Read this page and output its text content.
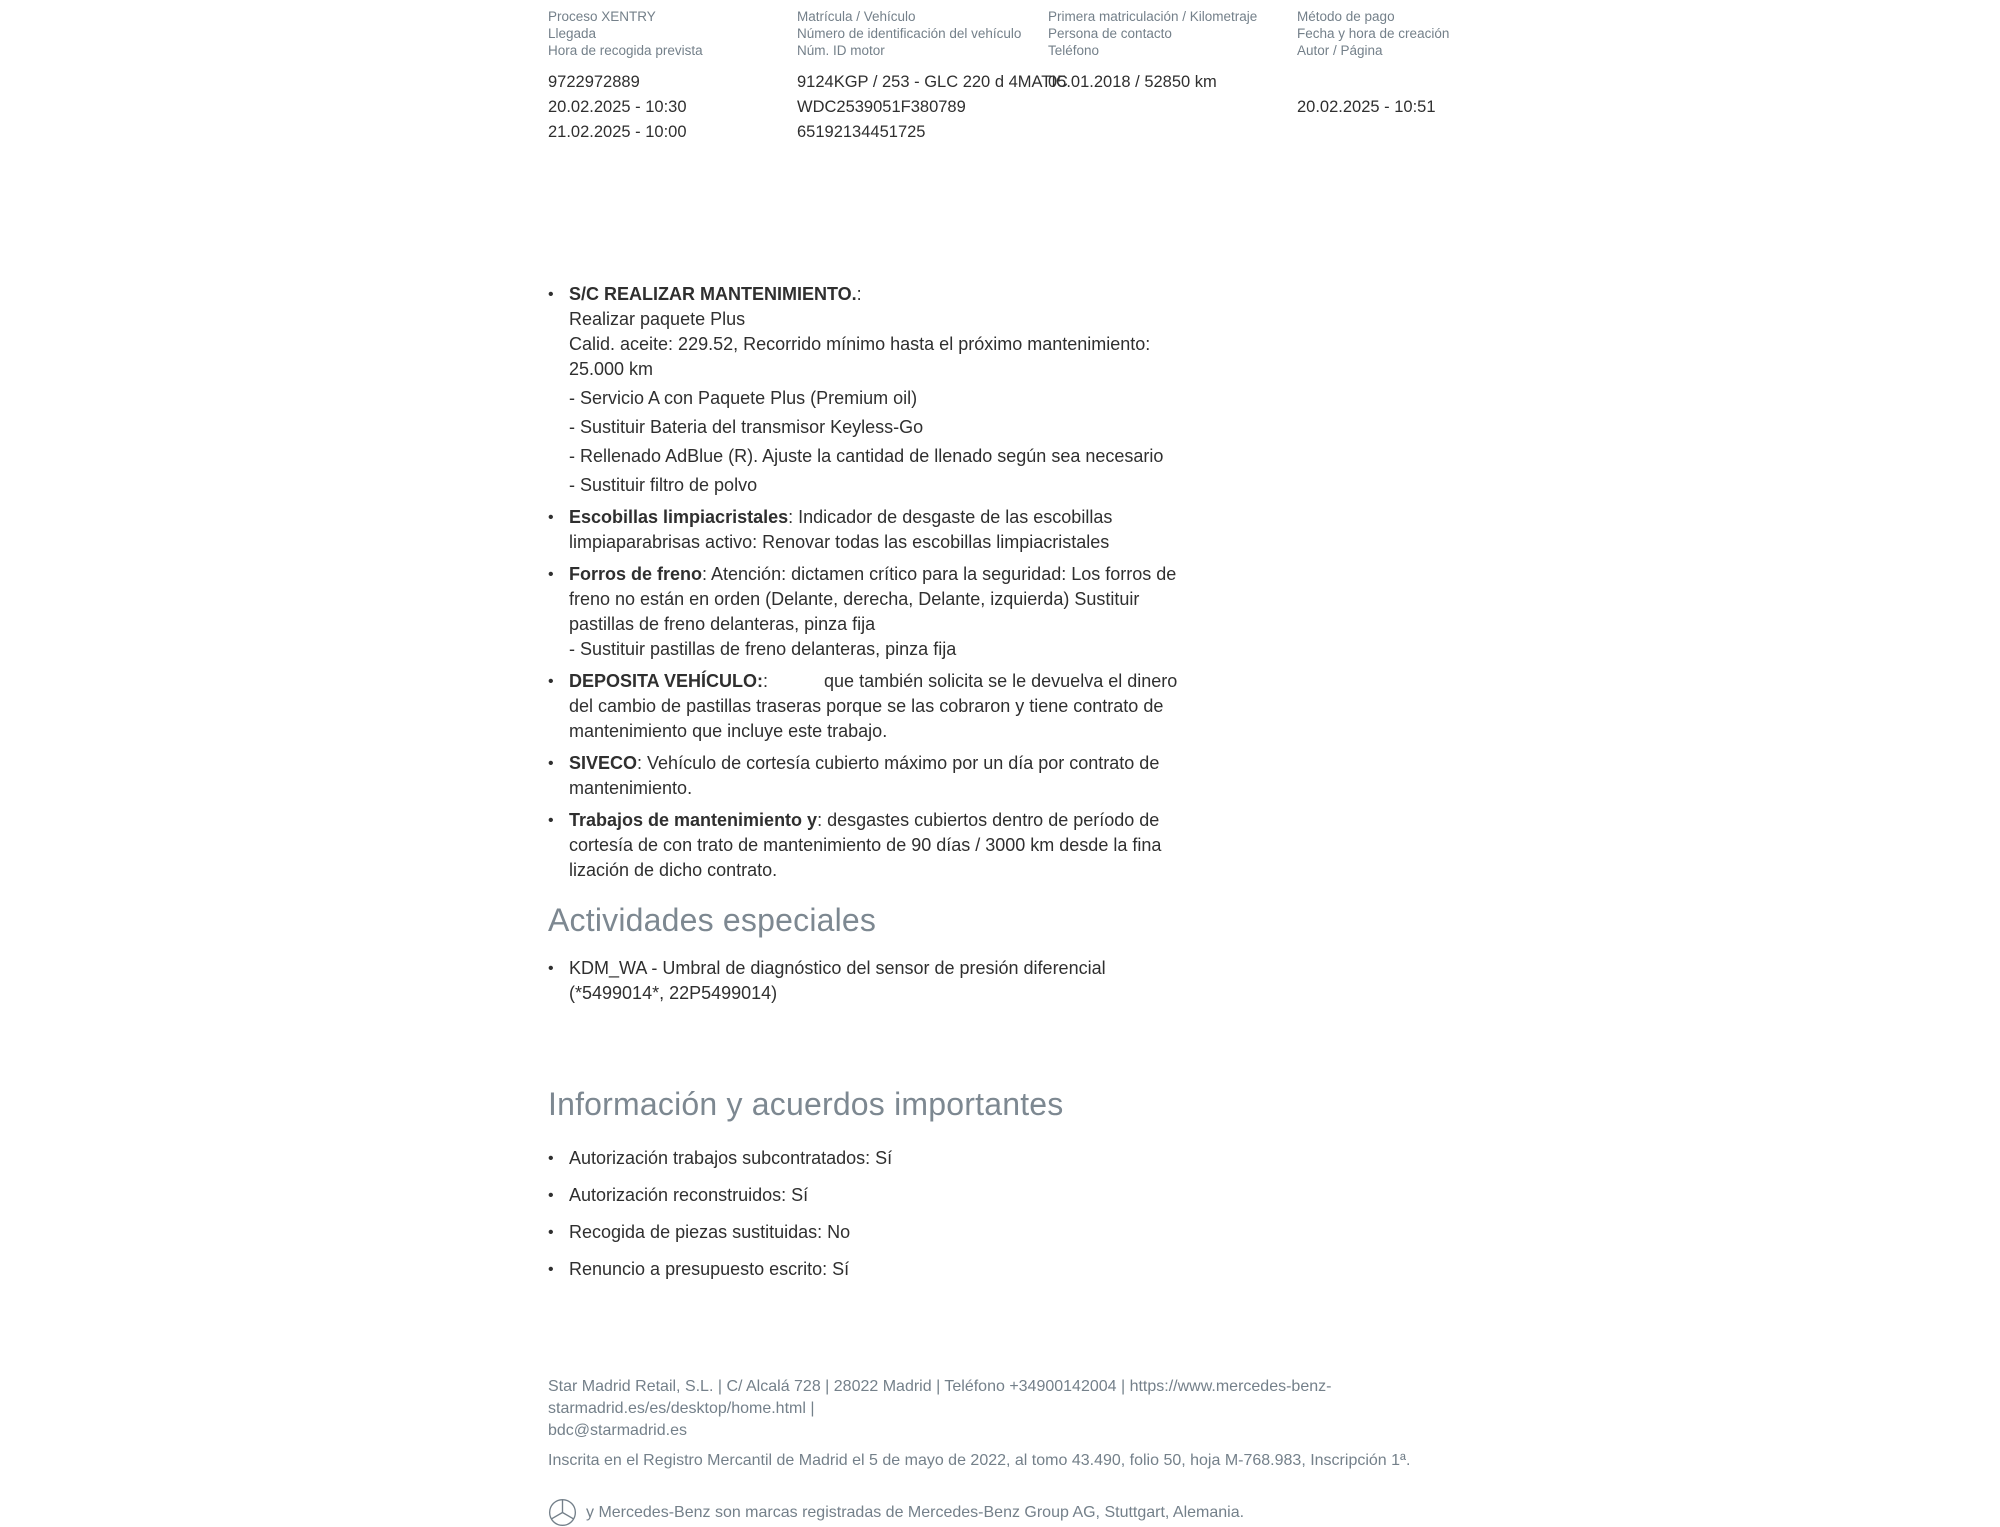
Proceso XENTRY
Llegada
Hora de recogida prevista
9722972889
20.02.2025 - 10:30
21.02.2025 - 10:00
Matrícula / Vehículo
Número de identificación del vehículo
Núm. ID motor
9124KGP / 253 - GLC 220 d 4MATIC
WDC2539051F380789
65192134451725
Primera matriculación / Kilometraje
Persona de contacto
Teléfono
05.01.2018 / 52850 km
Método de pago
Fecha y hora de creación
Autor / Página
20.02.2025 - 10:51
• S/C REALIZAR MANTENIMIENTO.:
Realizar paquete Plus
Calid. aceite: 229.52, Recorrido mínimo hasta el próximo mantenimiento:
25.000 km
- Servicio A con Paquete Plus (Premium oil)
- Sustituir Bateria del transmisor Keyless-Go
- Rellenado AdBlue (R). Ajuste la cantidad de llenado según sea necesario
- Sustituir filtro de polvo
• Escobillas limpiacristales: Indicador de desgaste de las escobillas limpiaparabrisas activo: Renovar todas las escobillas limpiacristales
• Forros de freno: Atención: dictamen crítico para la seguridad: Los forros de freno no están en orden (Delante, derecha, Delante, izquierda) Sustituir pastillas de freno delanteras, pinza fija
- Sustituir pastillas de freno delanteras, pinza fija
• DEPOSITA VEHÍCULO::	que también solicita se le devuelva el dinero del cambio de pastillas traseras porque se las cobraron y tiene contrato de mantenimiento que incluye este trabajo.
• SIVECO: Vehículo de cortesía cubierto máximo por un día por contrato de mantenimiento.
• Trabajos de mantenimiento y: desgastes cubiertos dentro de período de cortesía de con trato de mantenimiento de 90 días / 3000 km desde la fina lización de dicho contrato.
Actividades especiales
• KDM_WA - Umbral de diagnóstico del sensor de presión diferencial
(*5499014*, 22P5499014)
Información y acuerdos importantes
• Autorización trabajos subcontratados: Sí
• Autorización reconstruidos: Sí
• Recogida de piezas sustituidas: No
• Renuncio a presupuesto escrito: Sí
Star Madrid Retail, S.L. | C/ Alcalá 728 | 28022 Madrid | Teléfono +34900142004 | https://www.mercedes-benz-starmadrid.es/es/desktop/home.html |
bdc@starmadrid.es
Inscrita en el Registro Mercantil de Madrid el 5 de mayo de 2022, al tomo 43.490, folio 50, hoja M-768.983, Inscripción 1ª.
y Mercedes-Benz son marcas registradas de Mercedes-Benz Group AG, Stuttgart, Alemania.
